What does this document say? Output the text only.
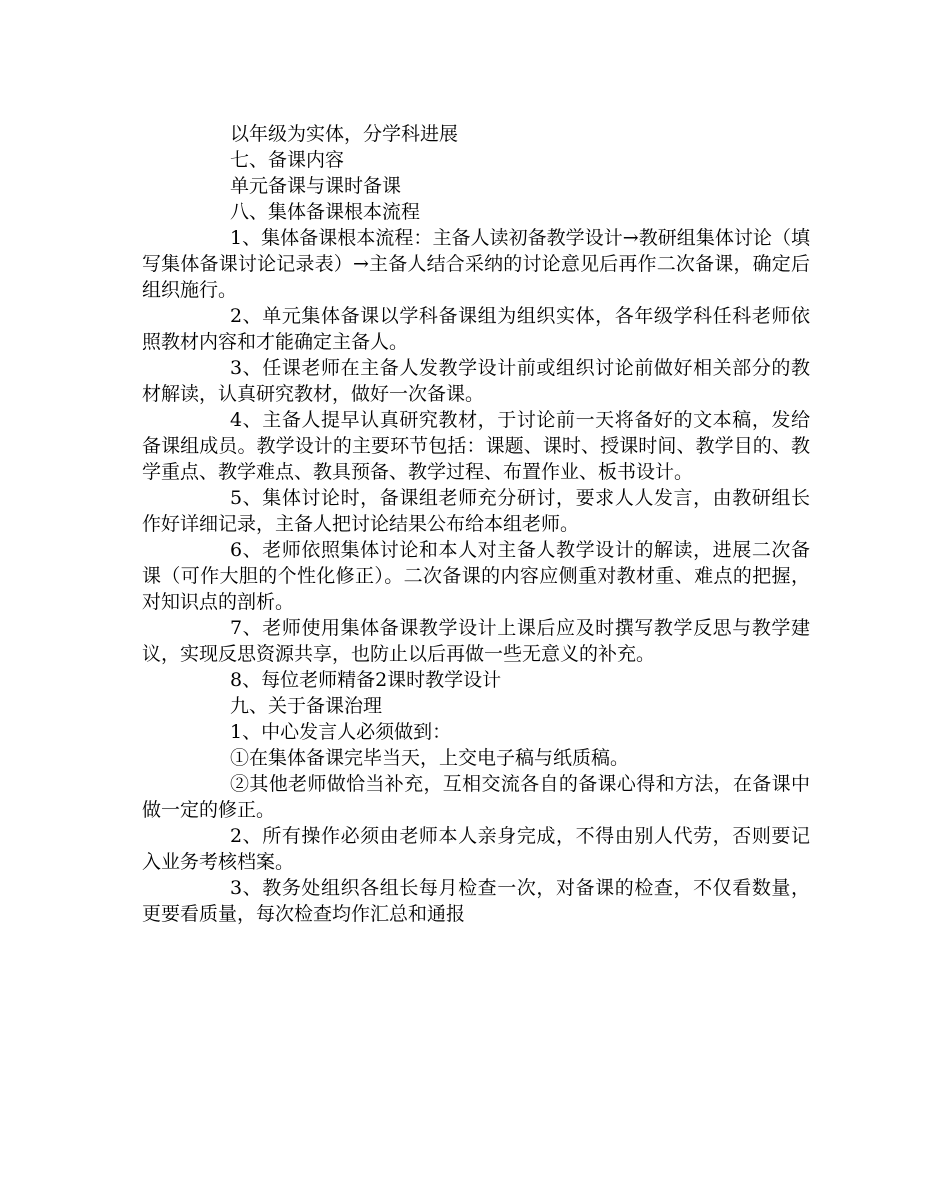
以年级为实体，分学科进展

七、备课内容

单元备课与课时备课

八、集体备课根本流程

1、集体备课根本流程：主备人读初备教学设计→教研组集体讨论（填写集体备课讨论记录表）→主备人结合采纳的讨论意见后再作二次备课，确定后组织施行。

2、单元集体备课以学科备课组为组织实体，各年级学科任科老师依照教材内容和才能确定主备人。

3、任课老师在主备人发教学设计前或组织讨论前做好相关部分的教材解读，认真研究教材，做好一次备课。

4、主备人提早认真研究教材，于讨论前一天将备好的文本稿，发给备课组成员。教学设计的主要环节包括：课题、课时、授课时间、教学目的、教学重点、教学难点、教具预备、教学过程、布置作业、板书设计。

5、集体讨论时，备课组老师充分研讨，要求人人发言，由教研组长作好详细记录，主备人把讨论结果公布给本组老师。

6、老师依照集体讨论和本人对主备人教学设计的解读，进展二次备课（可作大胆的个性化修正）。二次备课的内容应侧重对教材重、难点的把握，对知识点的剖析。

7、老师使用集体备课教学设计上课后应及时撰写教学反思与教学建议，实现反思资源共享，也防止以后再做一些无意义的补充。

8、每位老师精备2课时教学设计

九、关于备课治理

1、中心发言人必须做到：

①在集体备课完毕当天，上交电子稿与纸质稿。

②其他老师做恰当补充，互相交流各自的备课心得和方法，在备课中做一定的修正。

2、所有操作必须由老师本人亲身完成，不得由别人代劳，否则要记入业务考核档案。

3、教务处组织各组长每月检查一次，对备课的检查，不仅看数量，更要看质量，每次检查均作汇总和通报
